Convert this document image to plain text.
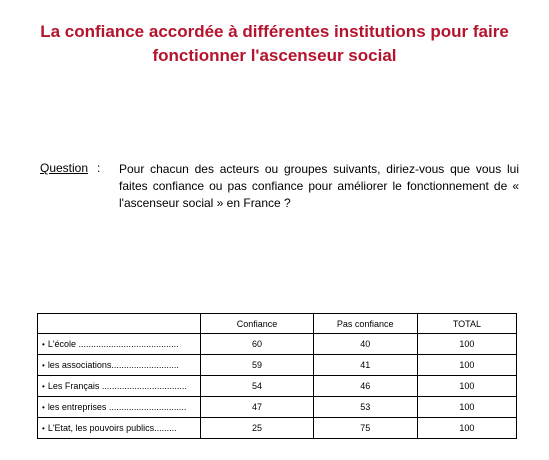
La confiance accordée à différentes institutions pour faire
fonctionner l'ascenseur social
Question : Pour chacun des acteurs ou groupes suivants, diriez-vous que vous lui faites confiance ou pas confiance pour améliorer le fonctionnement de « l'ascenseur social » en France ?
	Confiance	Pas confiance	TOTAL
• L'école ........................................	60	40	100
• les associations...........................	59	41	100
• Les Français ..................................	54	46	100
• les entreprises ...............................	47	53	100
• L'Etat, les pouvoirs publics.........	25	75	100
